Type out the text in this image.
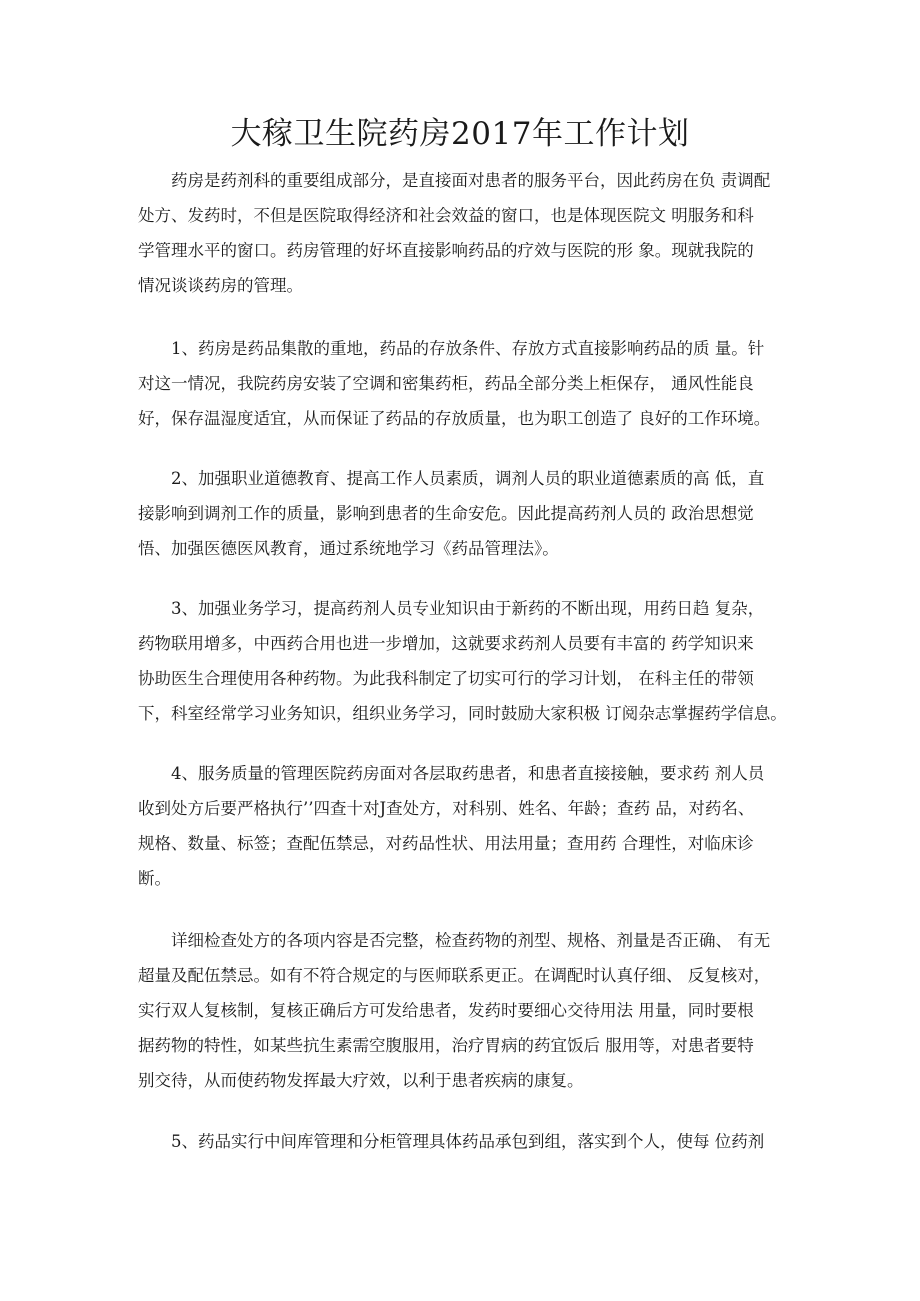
大稼卫生院药房2017年工作计划
药房是药剂科的重要组成部分，是直接面对患者的服务平台，因此药房在负 责调配
处方、发药时，不但是医院取得经济和社会效益的窗口，也是体现医院文 明服务和科
学管理水平的窗口。药房管理的好坏直接影响药品的疗效与医院的形 象。现就我院的
情况谈谈药房的管理。
1、药房是药品集散的重地，药品的存放条件、存放方式直接影响药品的质 量。针
对这一情况，我院药房安装了空调和密集药柜，药品全部分类上柜保存， 通风性能良
好，保存温湿度适宜，从而保证了药品的存放质量，也为职工创造了 良好的工作环境。
2、加强职业道德教育、提高工作人员素质，调剂人员的职业道德素质的高 低，直
接影响到调剂工作的质量，影响到患者的生命安危。因此提高药剂人员的 政治思想觉
悟、加强医德医风教育，通过系统地学习《药品管理法》。
3、加强业务学习，提高药剂人员专业知识由于新药的不断出现，用药日趋 复杂，
药物联用增多，中西药合用也进一步增加，这就要求药剂人员要有丰富的 药学知识来
协助医生合理使用各种药物。为此我科制定了切实可行的学习计划， 在科主任的带领
下，科室经常学习业务知识，组织业务学习，同时鼓励大家积极 订阅杂志掌握药学信息。
4、服务质量的管理医院药房面对各层取药患者，和患者直接接触，要求药 剂人员
收到处方后要严格执行’’四查十对J查处方，对科别、姓名、年龄；查药 品，对药名、
规格、数量、标签；查配伍禁忌，对药品性状、用法用量；查用药 合理性，对临床诊
断。
详细检查处方的各项内容是否完整，检查药物的剂型、规格、剂量是否正确、 有无
超量及配伍禁忌。如有不符合规定的与医师联系更正。在调配时认真仔细、 反复核对，
实行双人复核制，复核正确后方可发给患者，发药时要细心交待用法 用量，同时要根
据药物的特性，如某些抗生素需空腹服用，治疗胃病的药宜饭后 服用等，对患者要特
别交待，从而使药物发挥最大疗效，以利于患者疾病的康复。
5、药品实行中间库管理和分柜管理具体药品承包到组，落实到个人，使每 位药剂
